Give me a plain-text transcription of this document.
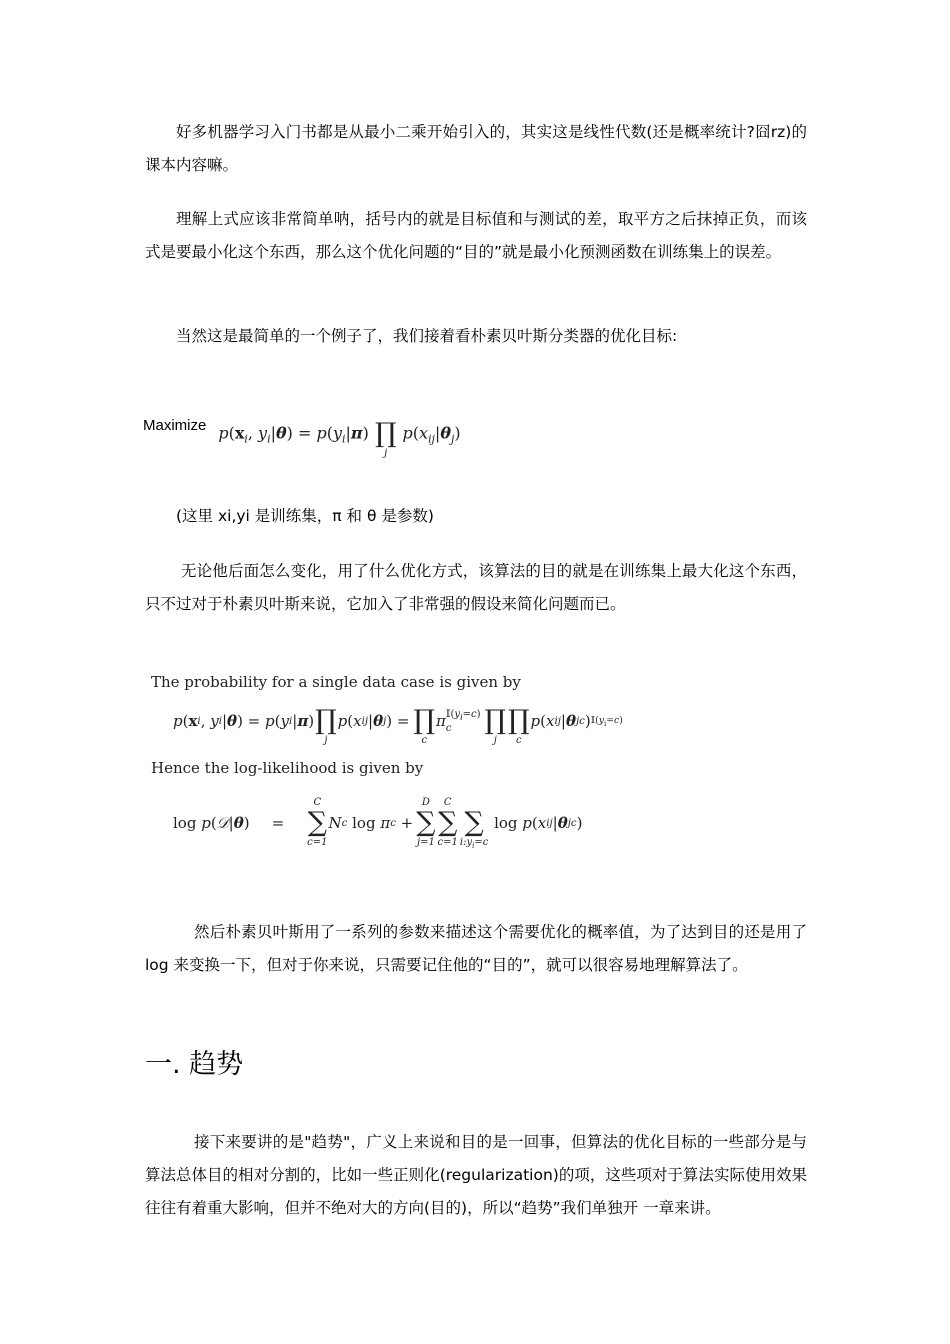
好多机器学习入门书都是从最小二乘开始引入的，其实这是线性代数(还是概率统计?囧rz)的课本内容嘛。

理解上式应该非常简单呐，括号内的就是目标值和与测试的差，取平方之后抹掉正负，而该式是要最小化这个东西，那么这个优化问题的“目的”就是最小化预测函数在训练集上的误差。

当然这是最简单的一个例子了，我们接着看朴素贝叶斯分类器的优化目标:

Maximize $p(x_i$, $y_i|\theta) = p(y_i|\pi)$
∏
j
$p(x_{ij}|\theta_j)$

(这里 xi,yi 是训练集，π 和 θ 是参数)

无论他后面怎么变化，用了什么优化方式，该算法的目的就是在训练集上最大化这个东西，只不过对于朴素贝叶斯来说，它加入了非常强的假设来简化问题而已。

The probability for a single data case is given by
p ( x i , y i | θ ) = p ( y i | π )
∏
j
p ( x ij | θ j ) =
∏
c
π $𝕀(y_i=c)$
c
	∏
j

∏
c
p ( x ij | θ jc ) $𝕀(y_i=c)$
Hence the log-likelihood is given by
log p(𝒟|θ) =
C
∑
c=1
N c log π c +
D
∑
j=1
C
∑
c=1

∑
$i:y_i=c$
log p ( x ij | θ jc )

然后朴素贝叶斯用了一系列的参数来描述这个需要优化的概率值，为了达到目的还是用了 log 来变换一下，但对于你来说，只需要记住他的“目的”，就可以很容易地理解算法了。

一. 趋势

接下来要讲的是"趋势"，广义上来说和目的是一回事，但算法的优化目标的一些部分是与算法总体目的相对分割的，比如一些正则化(regularization)的项，这些项对于算法实际使用效果往往有着重大影响，但并不绝对大的方向(目的)，所以“趋势”我们单独开 一章来讲。
